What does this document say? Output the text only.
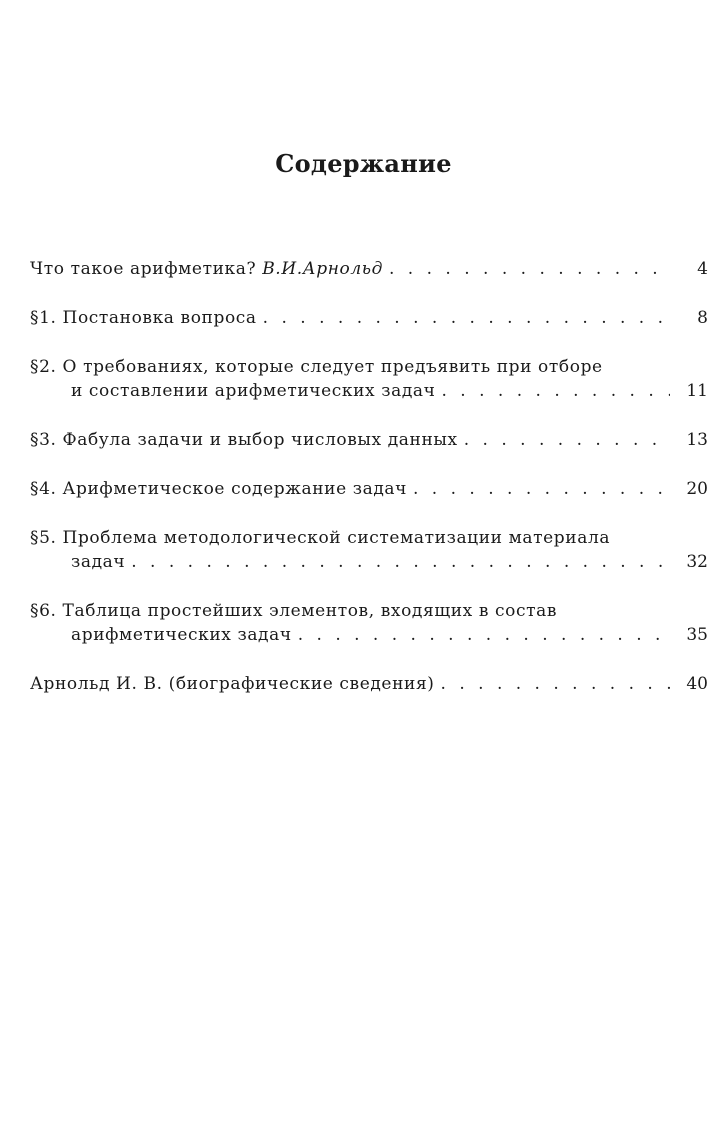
Содержание
Что такое арифметика?
В.И.Арнольд . . .	4
§1. Постановка вопроса . . .	8
§2. О требованиях, которые следует предъявить при отборе
и составлении арифметических задач . . .	11
§3. Фабула задачи и выбор числовых данных . . .	13
§4. Арифметическое содержание задач . . .	20
§5. Проблема методологической систематизации материала
задач . . .	32
§6. Таблица простейших элементов, входящих в состав
арифметических задач . . .	35
Арнольд И. В. (биографические сведения) . . .	40
